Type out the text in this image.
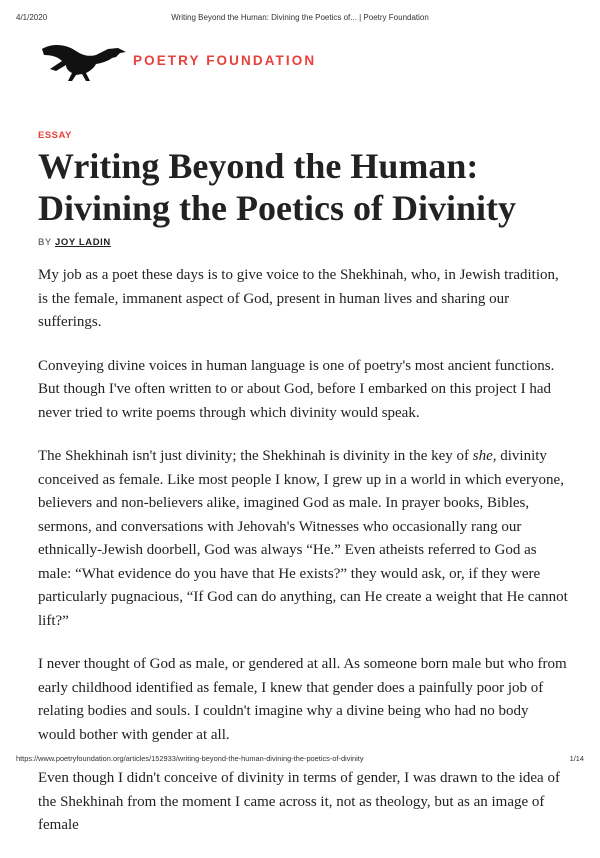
4/1/2020	Writing Beyond the Human: Divining the Poetics of... | Poetry Foundation
POETRY FOUNDATION
ESSAY
Writing Beyond the Human: Divining the Poetics of Divinity
BY JOY LADIN

My job as a poet these days is to give voice to the Shekhinah, who, in Jewish tradition, is the female, immanent aspect of God, present in human lives and sharing our sufferings.

Conveying divine voices in human language is one of poetry's most ancient functions. But though I've often written to or about God, before I embarked on this project I had never tried to write poems through which divinity would speak.

The Shekhinah isn't just divinity; the Shekhinah is divinity in the key of she, divinity conceived as female. Like most people I know, I grew up in a world in which everyone, believers and non-believers alike, imagined God as male. In prayer books, Bibles, sermons, and conversations with Jehovah's Witnesses who occasionally rang our ethnically-Jewish doorbell, God was always “He.” Even atheists referred to God as male: “What evidence do you have that He exists?” they would ask, or, if they were particularly pugnacious, “If God can do anything, can He create a weight that He cannot lift?”

I never thought of God as male, or gendered at all. As someone born male but who from early childhood identified as female, I knew that gender does a painfully poor job of relating bodies and souls. I couldn't imagine why a divine being who had no body would bother with gender at all.

Even though I didn't conceive of divinity in terms of gender, I was drawn to the idea of the Shekhinah from the moment I came across it, not as theology, but as an image of female

https://www.poetryfoundation.org/articles/152933/writing-beyond-the-human-divining-the-poetics-of-divinity	1/14
